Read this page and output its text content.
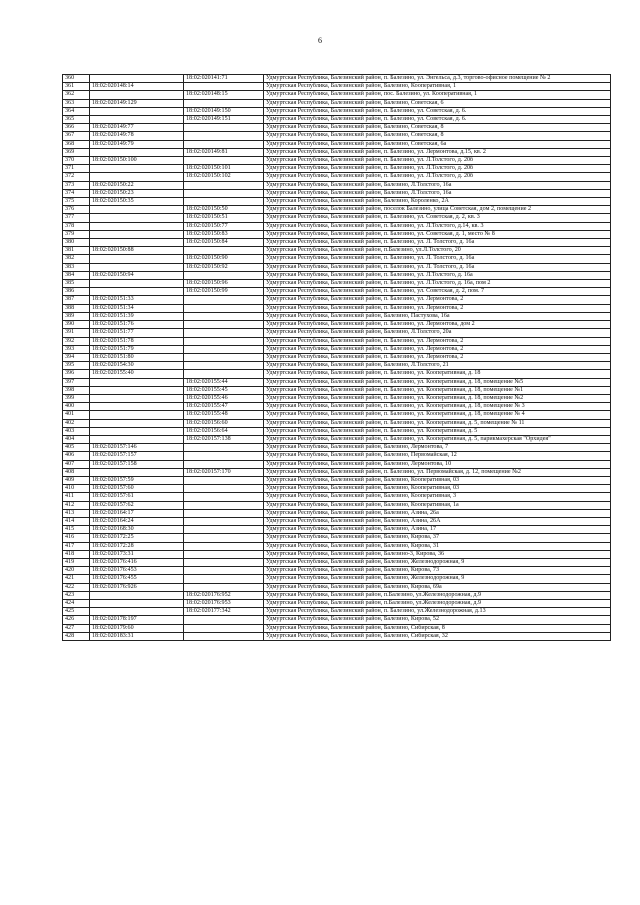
6
360		18:02:020141:71	Удмуртская Республика, Балезинский район, п. Балезино, ул. Энгельса, д.3, торгово-офисное помещение № 2
361	18:02:020148:14		Удмуртская Республика, Балезинский район, Балезино, Кооперативная, 1
362		18:02:020148:15	Удмуртская Республика, Балезинский район, пос. Балезино, ул. Кооперативная, 1
363	18:02:020149:129		Удмуртская Республика, Балезинский район, Балезино, Советская, 6
364		18:02:020149:150	Удмуртская Республика, Балезинский район, п. Балезино, ул. Советская, д. 6.
365		18:02:020149:151	Удмуртская Республика, Балезинский район, п. Балезино, ул. Советская, д. 6.
366	18:02:020149:77		Удмуртская Республика, Балезинский район, Балезино, Советская, 8
367	18:02:020149:78		Удмуртская Республика, Балезинский район, Балезино, Советская, 8
368	18:02:020149:79		Удмуртская Республика, Балезинский район, Балезино, Советская, 6а
369		18:02:020149:81	Удмуртская Республика, Балезинский район, п. Балезино, ул. Лермонтова, д.15, кв. 2
370	18:02:020150:100		Удмуртская Республика, Балезинский район, п. Балезино, ул. Л.Толстого, д. 20б
371		18:02:020150:101	Удмуртская Республика, Балезинский район, п. Балезино, ул. Л.Толстого, д. 20б
372		18:02:020150:102	Удмуртская Республика, Балезинский район, п. Балезино, ул. Л.Толстого, д. 20б
373	18:02:020150:22		Удмуртская Республика, Балезинский район, Балезино, Л.Толстого, 16а
374	18:02:020150:23		Удмуртская Республика, Балезинский район, Балезино, Л.Толстого, 16а
375	18:02:020150:35		Удмуртская Республика, Балезинский район, Балезино, Короленко, 2А
376		18:02:020150:50	Удмуртская Республика, Балезинский район, поселок Балезино, улица Советская, дом 2, помещение 2
377		18:02:020150:51	Удмуртская Республика, Балезинский район, п. Балезино, ул. Советская, д. 2, кв. 3
378		18:02:020150:77	Удмуртская Республика, Балезинский район, п. Балезино, ул. Л.Толстого, д.14, кв. 3
379		18:02:020150:83	Удмуртская Республика, Балезинский район, п. Балезино, ул. Советская, д. 1, место № 8
380		18:02:020150:84	Удмуртская Республика, Балезинский район, п. Балезино, ул. Л. Толстого, д. 16а
381	18:02:020150:88		Удмуртская Республика, Балезинский район, п.Балезино, ул.Л.Толстого, 20
382		18:02:020150:90	Удмуртская Республика, Балезинский район, п. Балезино, ул. Л. Толстого, д. 16а
383		18:02:020150:92	Удмуртская Республика, Балезинский район, п. Балезино, ул. Л. Толстого, д. 16а
384	18:02:020150:94		Удмуртская Республика, Балезинский район, п. Балезино, ул. Л.Толстого, д. 16а
385		18:02:020150:96	Удмуртская Республика, Балезинский район, п. Балезино, ул. Л.Толстого, д. 16а, пом 2
386		18:02:020150:99	Удмуртская Республика, Балезинский район, п. Балезино, ул. Советская, д. 2, пом. 7
387	18:02:020151:33		Удмуртская Республика, Балезинский район, п. Балезино, ул. Лермонтова, 2
388	18:02:020151:34		Удмуртская Республика, Балезинский район, п. Балезино, ул. Лермонтова, 2
389	18:02:020151:39		Удмуртская Республика, Балезинский район, Балезино, Пастухова, 16а
390	18:02:020151:76		Удмуртская Республика, Балезинский район, п. Балезино, ул. Лермонтова, дом 2
391	18:02:020151:77		Удмуртская Республика, Балезинский район, Балезино, Л.Толстого, 20а
392	18:02:020151:78		Удмуртская Республика, Балезинский район, п. Балезино, ул. Лермонтова, 2
393	18:02:020151:79		Удмуртская Республика, Балезинский район, п. Балезино, ул. Лермонтова, 2
394	18:02:020151:80		Удмуртская Республика, Балезинский район, п. Балезино, ул. Лермонтова, 2
395	18:02:020154:30		Удмуртская Республика, Балезинский район, Балезино, Л.Толстого, 21
396	18:02:020155:40		Удмуртская Республика, Балезинский район, п. Балезино, ул. Кооперативная, д. 18
397		18:02:020155:44	Удмуртская Республика, Балезинский район, п. Балезино, ул. Кооперативная, д. 18, помещение №5
398		18:02:020155:45	Удмуртская Республика, Балезинский район, п. Балезино, ул. Кооперативная, д. 18, помещение №1
399		18:02:020155:46	Удмуртская Республика, Балезинский район, п. Балезино, ул. Кооперативная, д. 18, помещение №2
400		18:02:020155:47	Удмуртская Республика, Балезинский район, п. Балезино, ул. Кооперативная, д. 18, помещение № 3
401		18:02:020155:48	Удмуртская Республика, Балезинский район, п. Балезино, ул. Кооперативная, д. 18, помещение № 4
402		18:02:020156:60	Удмуртская Республика, Балезинский район, п. Балезино, ул. Кооперативная, д. 5, помещение № 11
403		18:02:020156:64	Удмуртская Республика, Балезинский район, п. Балезино, ул. Кооперативная, д. 5
404		18:02:020157:138	Удмуртская Республика, Балезинский район, п. Балезино, ул. Кооперативная, д. 5, парикмахерская "Орхидея"
405	18:02:020157:146		Удмуртская Республика, Балезинский район, Балезино, Лермонтова, 7
406	18:02:020157:157		Удмуртская Республика, Балезинский район, Балезино, Первомайская, 12
407	18:02:020157:158		Удмуртская Республика, Балезинский район, Балезино, Лермонтова, 10
408		18:02:020157:170	Удмуртская Республика, Балезинский район, п. Балезино, ул. Первомайская, д. 12, помещение №2
409	18:02:020157:59		Удмуртская Республика, Балезинский район, Балезино, Кооперативная, 03
410	18:02:020157:60		Удмуртская Республика, Балезинский район, Балезино, Кооперативная, 03
411	18:02:020157:61		Удмуртская Республика, Балезинский район, Балезино, Кооперативная, 3
412	18:02:020157:62		Удмуртская Республика, Балезинский район, Балезино, Кооперативная, 1а
413	18:02:020164:17		Удмуртская Республика, Балезинский район, Балезино, Азина, 26а
414	18:02:020164:24		Удмуртская Республика, Балезинский район, Балезино, Азина, 26А
415	18:02:020168:30		Удмуртская Республика, Балезинский район, Балезино, Азина, 17
416	18:02:020172:25		Удмуртская Республика, Балезинский район, Балезино, Кирова, 37
417	18:02:020172:28		Удмуртская Республика, Балезинский район, Балезино, Кирова, 31
418	18:02:020173:31		Удмуртская Республика, Балезинский район, Балезино-3, Кирова, 36
419	18:02:020176:416		Удмуртская Республика, Балезинский район, Балезино, Железнодорожная, 9
420	18:02:020176:453		Удмуртская Республика, Балезинский район, Балезино, Кирова, 73
421	18:02:020176:455		Удмуртская Республика, Балезинский район, Балезино, Железнодорожная, 9
422	18:02:020176:926		Удмуртская Республика, Балезинский район, Балезино, Кирова, 69а
423		18:02:020176:952	Удмуртская Республика, Балезинский район, п.Балезино, ул.Железнодорожная, д.9
424		18:02:020176:953	Удмуртская Республика, Балезинский район, п.Балезино, ул.Железнодорожная, д.9
425		18:02:020177:342	Удмуртская Республика, Балезинский район, п. Балезино, ул.Железнодорожная, д.13
426	18:02:020178:197		Удмуртская Республика, Балезинский район, Балезино, Кирова, 52
427	18:02:020179:60		Удмуртская Республика, Балезинский район, Балезино, Сибирская, 8
428	18:02:020183:31		Удмуртская Республика, Балезинский район, Балезино, Сибирская, 32
